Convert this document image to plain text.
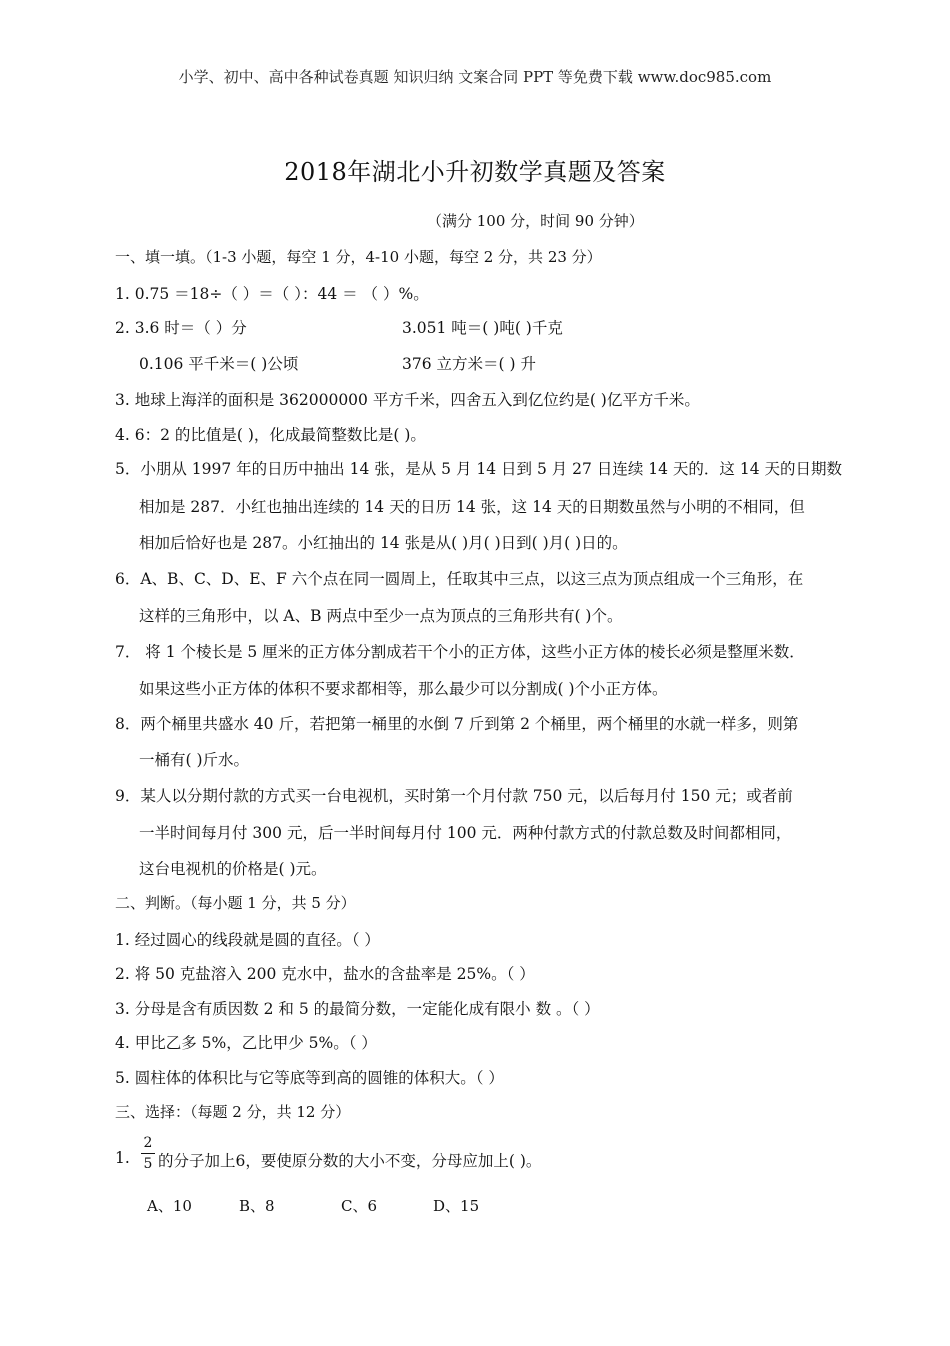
小学、初中、高中各种试卷真题 知识归纳 文案合同 PPT 等免费下载 www.doc985.com
2018年湖北小升初数学真题及答案
（满分 100 分，时间 90 分钟）
一、填一填。（1-3 小题，每空 1 分，4-10 小题，每空 2 分，共 23 分）
1. 0.75 ＝18÷（ ）＝（ ）：44 ＝ （ ）%。
2. 3.6 时＝（ ）分	3.051 吨＝( )吨( )千克
0.106 平千米＝( )公顷	376 立方米＝( ) 升
3. 地球上海洋的面积是 362000000 平方千米，四舍五入到亿位约是( )亿平方千米。
4. 6：2 的比值是( )，化成最简整数比是( )。
5．小朋从 1997 年的日历中抽出 14 张，是从 5 月 14 日到 5 月 27 日连续 14 天的．这 14 天的日期数
相加是 287．小红也抽出连续的 14 天的日历 14 张，这 14 天的日期数虽然与小明的不相同，但
相加后恰好也是 287。小红抽出的 14 张是从( )月( )日到( )月( )日的。
6．A、B、C、D、E、F 六个点在同一圆周上，任取其中三点，以这三点为顶点组成一个三角形，在
这样的三角形中，以 A、B 两点中至少一点为顶点的三角形共有( )个。
7． 将 1 个棱长是 5 厘米的正方体分割成若干个小的正方体，这些小正方体的棱长必须是整厘米数．
如果这些小正方体的体积不要求都相等，那么最少可以分割成( )个小正方体。
8．两个桶里共盛水 40 斤，若把第一桶里的水倒 7 斤到第 2 个桶里，两个桶里的水就一样多，则第
一桶有( )斤水。
9．某人以分期付款的方式买一台电视机，买时第一个月付款 750 元，以后每月付 150 元；或者前
一半时间每月付 300 元，后一半时间每月付 100 元．两种付款方式的付款总数及时间都相同，
这台电视机的价格是( )元。
二、判断。（每小题 1 分，共 5 分）
1. 经过圆心的线段就是圆的直径。（ ）
2. 将 50 克盐溶入 200 克水中，盐水的含盐率是 25%。（ ）
3. 分母是含有质因数 2 和 5 的最简分数，一定能化成有限小 数 。（ ）
4. 甲比乙多 5%，乙比甲少 5%。（ ）
5. 圆柱体的体积比与它等底等到高的圆锥的体积大。（ ）
三、选择：（每题 2 分，共 12 分）
1. $\frac{2}{5}$ 的分子加上6，要使原分数的大小不变，分母应加上( )。
A、10	B、8	C、6	D、15
